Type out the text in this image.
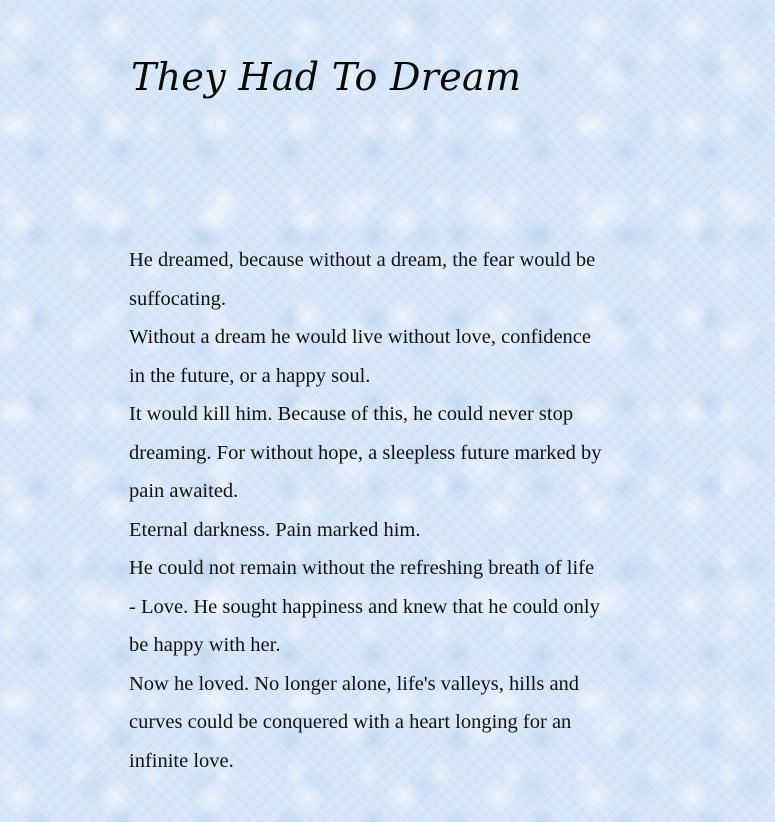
They Had To Dream
He dreamed, because without a dream, the fear would be
suffocating.
Without a dream he would live without love, confidence
in the future, or a happy soul.
It would kill him. Because of this, he could never stop
dreaming. For without hope, a sleepless future marked by
pain awaited.
Eternal darkness. Pain marked him.
He could not remain without the refreshing breath of life
- Love. He sought happiness and knew that he could only
be happy with her.
Now he loved. No longer alone, life's valleys, hills and
curves could be conquered with a heart longing for an
infinite love.
